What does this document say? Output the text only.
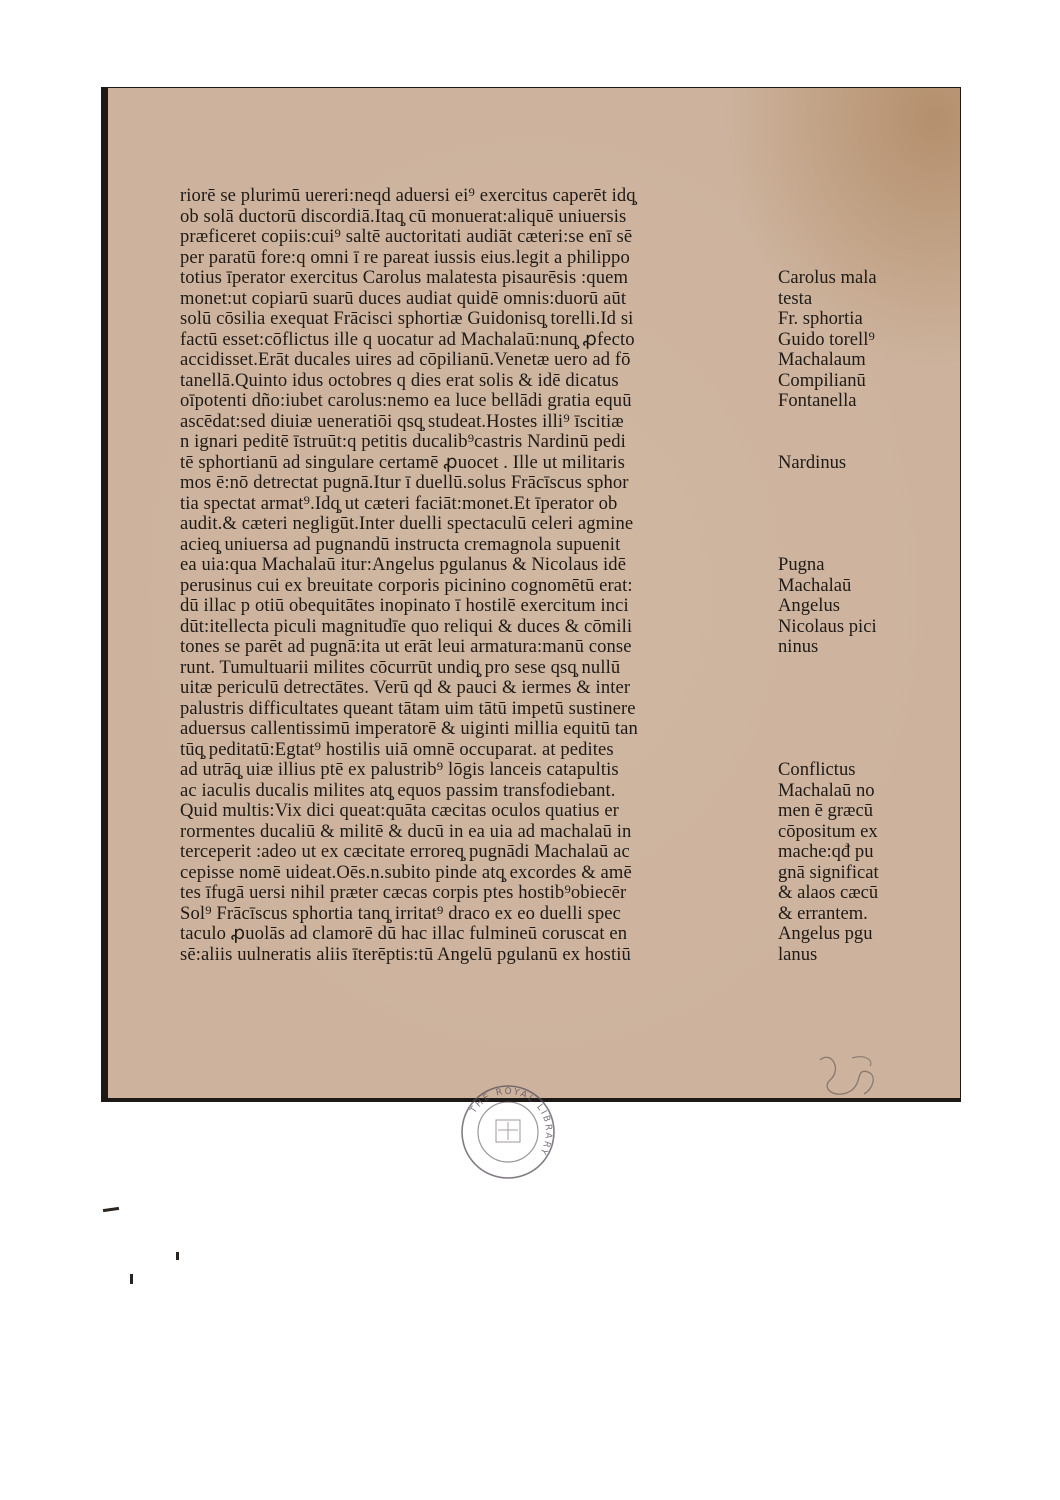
riorē se plurimū uereri:neqd aduersi ei⁹ exercitus caperēt idq̧
ob solā ductorū discordiā.Itaq̧ cū monuerat:aliquē uniuersis
præficeret copiis:cui⁹ saltē auctoritati audiāt cæteri:se enī sē
per paratū fore:q omni ī re pareat iussis eius.legit a philippo
totius īperator exercitus Carolus malatesta pisaurēsis :quem
monet:ut copiarū suarū duces audiat quidē omnis:duorū aūt
solū cōsilia exequat Frācisci sphortiæ Guidonisq̧ torelli.Id si
factū esset:cōflictus ille q uocatur ad Machalaū:nunq̧ ꝓfecto
accidisset.Erāt ducales uires ad cōpilianū.Venetæ uero ad fō
tanellā.Quinto idus octobres q dies erat solis & idē dicatus
oīpotenti dño:iubet carolus:nemo ea luce bellādi gratia equū
ascēdat:sed diuiæ ueneratiōi qsq̧ studeat.Hostes illi⁹ īscitiæ
n ignari peditē īstruūt:q petitis ducalib⁹castris Nardinū pedi
tē sphortianū ad singulare certamē ꝓuocet . Ille ut militaris
mos ē:nō detrectat pugnā.Itur ī duellū.solus Frācīscus sphor
tia spectat armat⁹.Idq̧ ut cæteri faciāt:monet.Et īperator ob
audit.& cæteri negligūt.Inter duelli spectaculū celeri agmine
acieq̧ uniuersa ad pugnandū instructa cremagnola supuenit
ea uia:qua Machalaū itur:Angelus pgulanus & Nicolaus idē
perusinus cui ex breuitate corporis picinino cognomētū erat:
dū illac p otiū obequitātes inopinato ī hostilē exercitum inci
dūt:itellecta piculi magnitudīe quo reliqui & duces & cōmili
tones se parēt ad pugnā:ita ut erāt leui armatura:manū conse
runt. Tumultuarii milites cōcurrūt undiq̧ pro sese qsq̧ nullū
uitæ periculū detrectātes. Verū qd & pauci & iermes & inter
palustris difficultates queant tātam uim tātū impetū sustinere
aduersus callentissimū imperatorē & uiginti millia equitū tan
tūq̧ peditatū:Egtat⁹ hostilis uiā omnē occuparat. at pedites
ad utrāq̧ uiæ illius ptē ex palustrib⁹ lōgis lanceis catapultis
ac iaculis ducalis milites atq̧ equos passim transfodiebant.
Quid multis:Vix dici queat:quāta cæcitas oculos quatius er
rormentes ducaliū & militē & ducū in ea uia ad machalaū in
terceperit :adeo ut ex cæcitate erroreq̧ pugnādi Machalaū ac
cepisse nomē uideat.Oēs.n.subito pinde atq̧ excordes & amē
tes īfugā uersi nihil præter cæcas corpis ptes hostib⁹obiecēr
Sol⁹ Frācīscus sphortia tanq̧ irritat⁹ draco ex eo duelli spec
taculo ꝓuolās ad clamorē dū hac illac fulmineū coruscat en
sē:aliis uulneratis aliis īterēptis:tū Angelū pgulanū ex hostiū
Carolus mala
testa
Fr. sphortia
Guido torell⁹
Machalaum
Compilianū
Fontanella
Nardinus
Pugna
Machalaū
Angelus
Nicolaus pici
ninus
Conflictus
Machalaū no
men ē græcū
cōpositum ex
mache:qđ pu
gnā significat
& alaos cæcū
& errantem.
Angelus pgu
lanus
THE ROYAL LIBRARY
